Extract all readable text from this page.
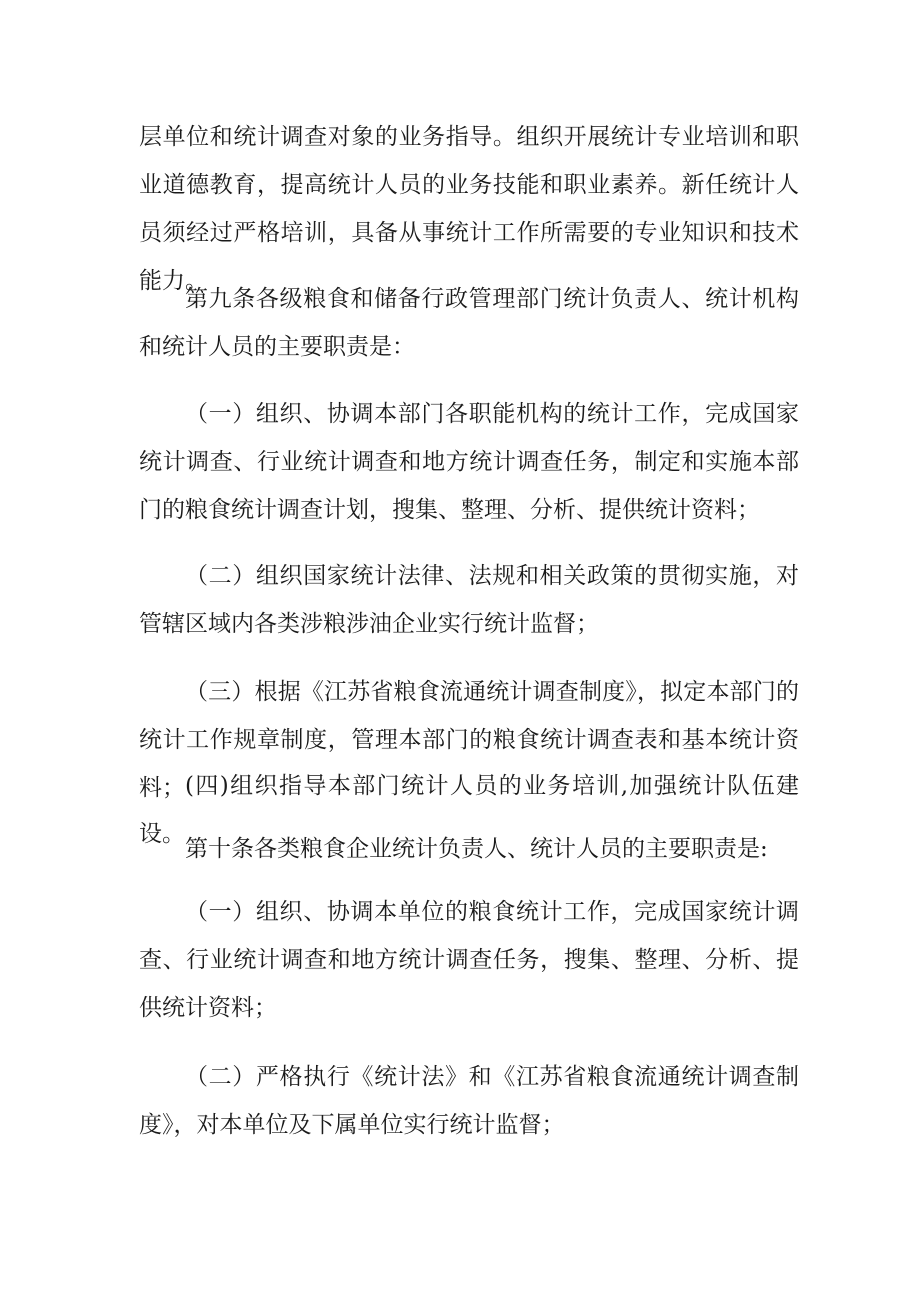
层单位和统计调查对象的业务指导。组织开展统计专业培训和职业道德教育，提高统计人员的业务技能和职业素养。新任统计人员须经过严格培训，具备从事统计工作所需要的专业知识和技术能力。

第九条各级粮食和储备行政管理部门统计负责人、统计机构和统计人员的主要职责是：

（一）组织、协调本部门各职能机构的统计工作，完成国家统计调查、行业统计调查和地方统计调查任务，制定和实施本部门的粮食统计调查计划，搜集、整理、分析、提供统计资料；

（二）组织国家统计法律、法规和相关政策的贯彻实施，对管辖区域内各类涉粮涉油企业实行统计监督；

（三）根据《江苏省粮食流通统计调查制度》，拟定本部门的统计工作规章制度，管理本部门的粮食统计调查表和基本统计资料； (四)组织指导本部门统计人员的业务培训,加强统计队伍建设。

第十条各类粮食企业统计负责人、统计人员的主要职责是:

（一）组织、协调本单位的粮食统计工作，完成国家统计调查、行业统计调查和地方统计调查任务，搜集、整理、分析、提供统计资料；

（二）严格执行《统计法》和《江苏省粮食流通统计调查制度》，对本单位及下属单位实行统计监督；
